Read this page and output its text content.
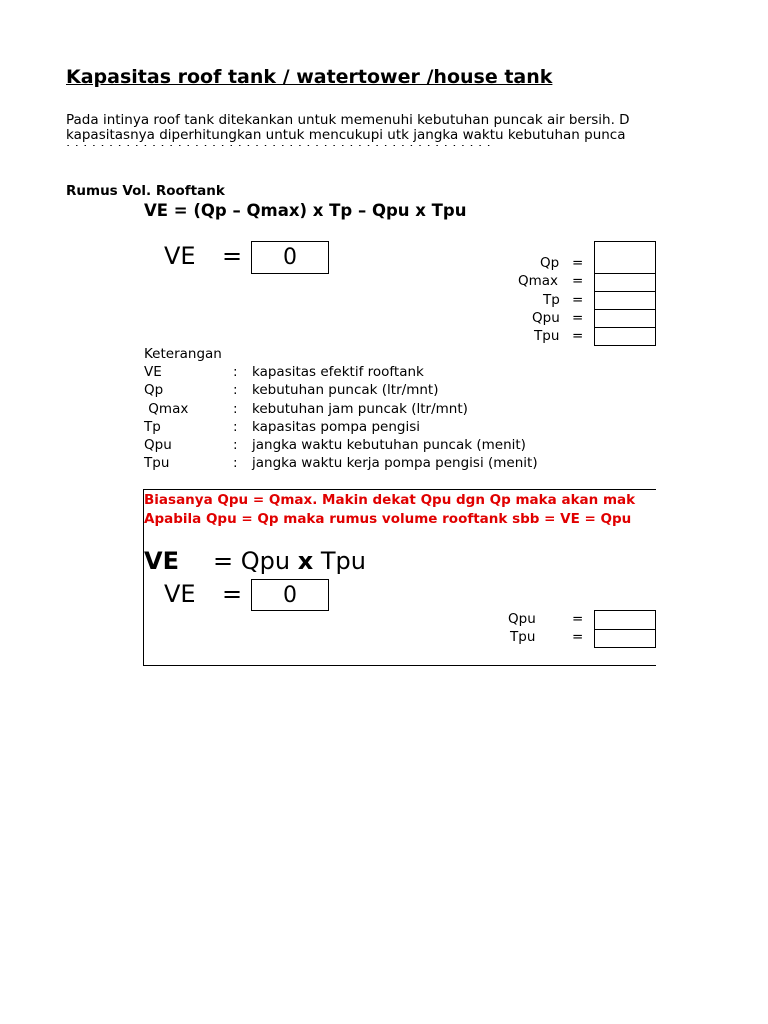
Kapasitas roof tank / watertower /house tank
Pada intinya roof tank ditekankan untuk memenuhi kebutuhan puncak air bersih. D
kapasitasnya diperhitungkan untuk mencukupi utk jangka waktu kebutuhan punca
Rumus Vol. Rooftank
VE = (Qp – Qmax) x Tp – Qpu x Tpu
VE = 0	Qp =
Qmax =
Tp =
Qpu =
Tpu =
Keterangan
VE	: kapasitas efektif rooftank
Qp	: kebutuhan puncak (ltr/mnt)
Qmax	: kebutuhan jam puncak (ltr/mnt)
Tp	: kapasitas pompa pengisi
Qpu	: jangka waktu kebutuhan puncak (menit)
Tpu	: jangka waktu kerja pompa pengisi (menit)
Biasanya Qpu = Qmax. Makin dekat Qpu dgn Qp maka akan mak
Apabila Qpu = Qp maka rumus volume rooftank sbb = VE = Qpu
VE = Qpu x Tpu
VE = 0
Qpu	=
Tpu	=
